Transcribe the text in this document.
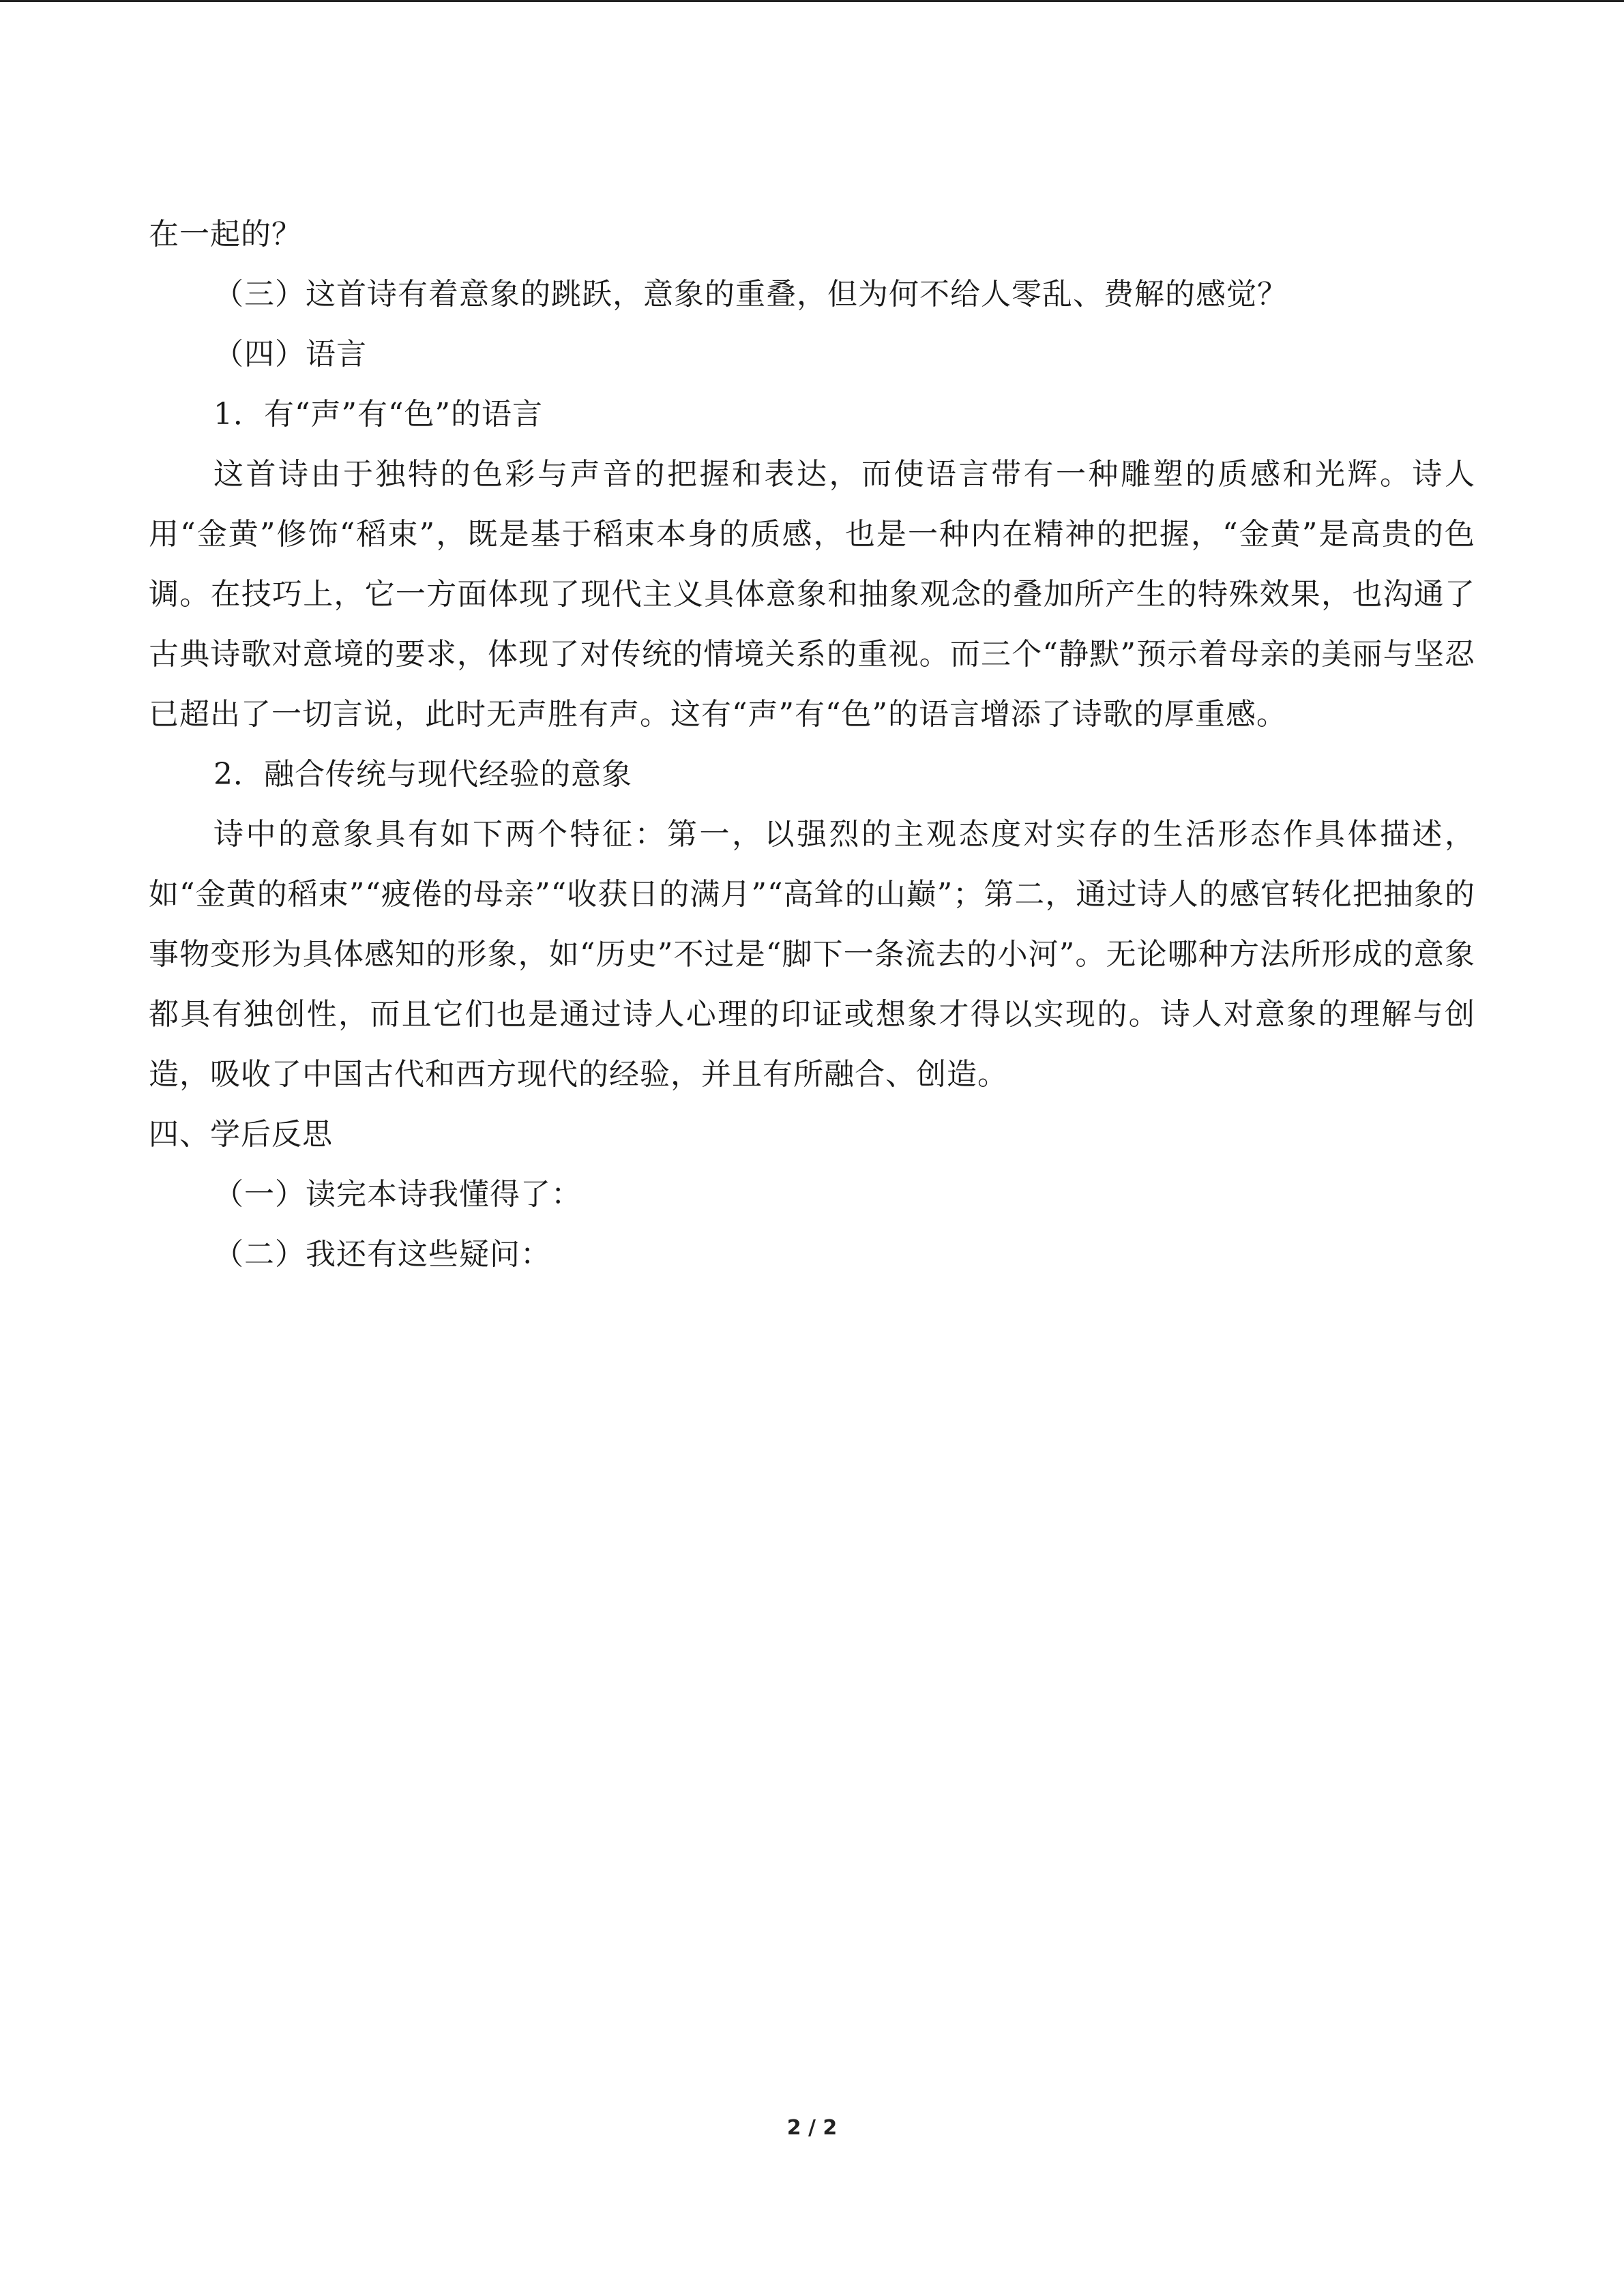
在一起的？
（三）这首诗有着意象的跳跃，意象的重叠，但为何不给人零乱、费解的感觉？
（四）语言
1．有“声”有“色”的语言
这首诗由于独特的色彩与声音的把握和表达，而使语言带有一种雕塑的质感和光辉。诗人用“金黄”修饰“稻束”，既是基于稻束本身的质感，也是一种内在精神的把握，“金黄”是高贵的色调。在技巧上，它一方面体现了现代主义具体意象和抽象观念的叠加所产生的特殊效果，也沟通了古典诗歌对意境的要求，体现了对传统的情境关系的重视。而三个“静默”预示着母亲的美丽与坚忍已超出了一切言说，此时无声胜有声。这有“声”有“色”的语言增添了诗歌的厚重感。
2．融合传统与现代经验的意象
诗中的意象具有如下两个特征：第一，以强烈的主观态度对实存的生活形态作具体描述，如“金黄的稻束”“疲倦的母亲”“收获日的满月”“高耸的山巅”；第二，通过诗人的感官转化把抽象的事物变形为具体感知的形象，如“历史”不过是“脚下一条流去的小河”。无论哪种方法所形成的意象都具有独创性，而且它们也是通过诗人心理的印证或想象才得以实现的。诗人对意象的理解与创造，吸收了中国古代和西方现代的经验，并且有所融合、创造。
四、学后反思
（一）读完本诗我懂得了：
（二）我还有这些疑问：
2 / 2
